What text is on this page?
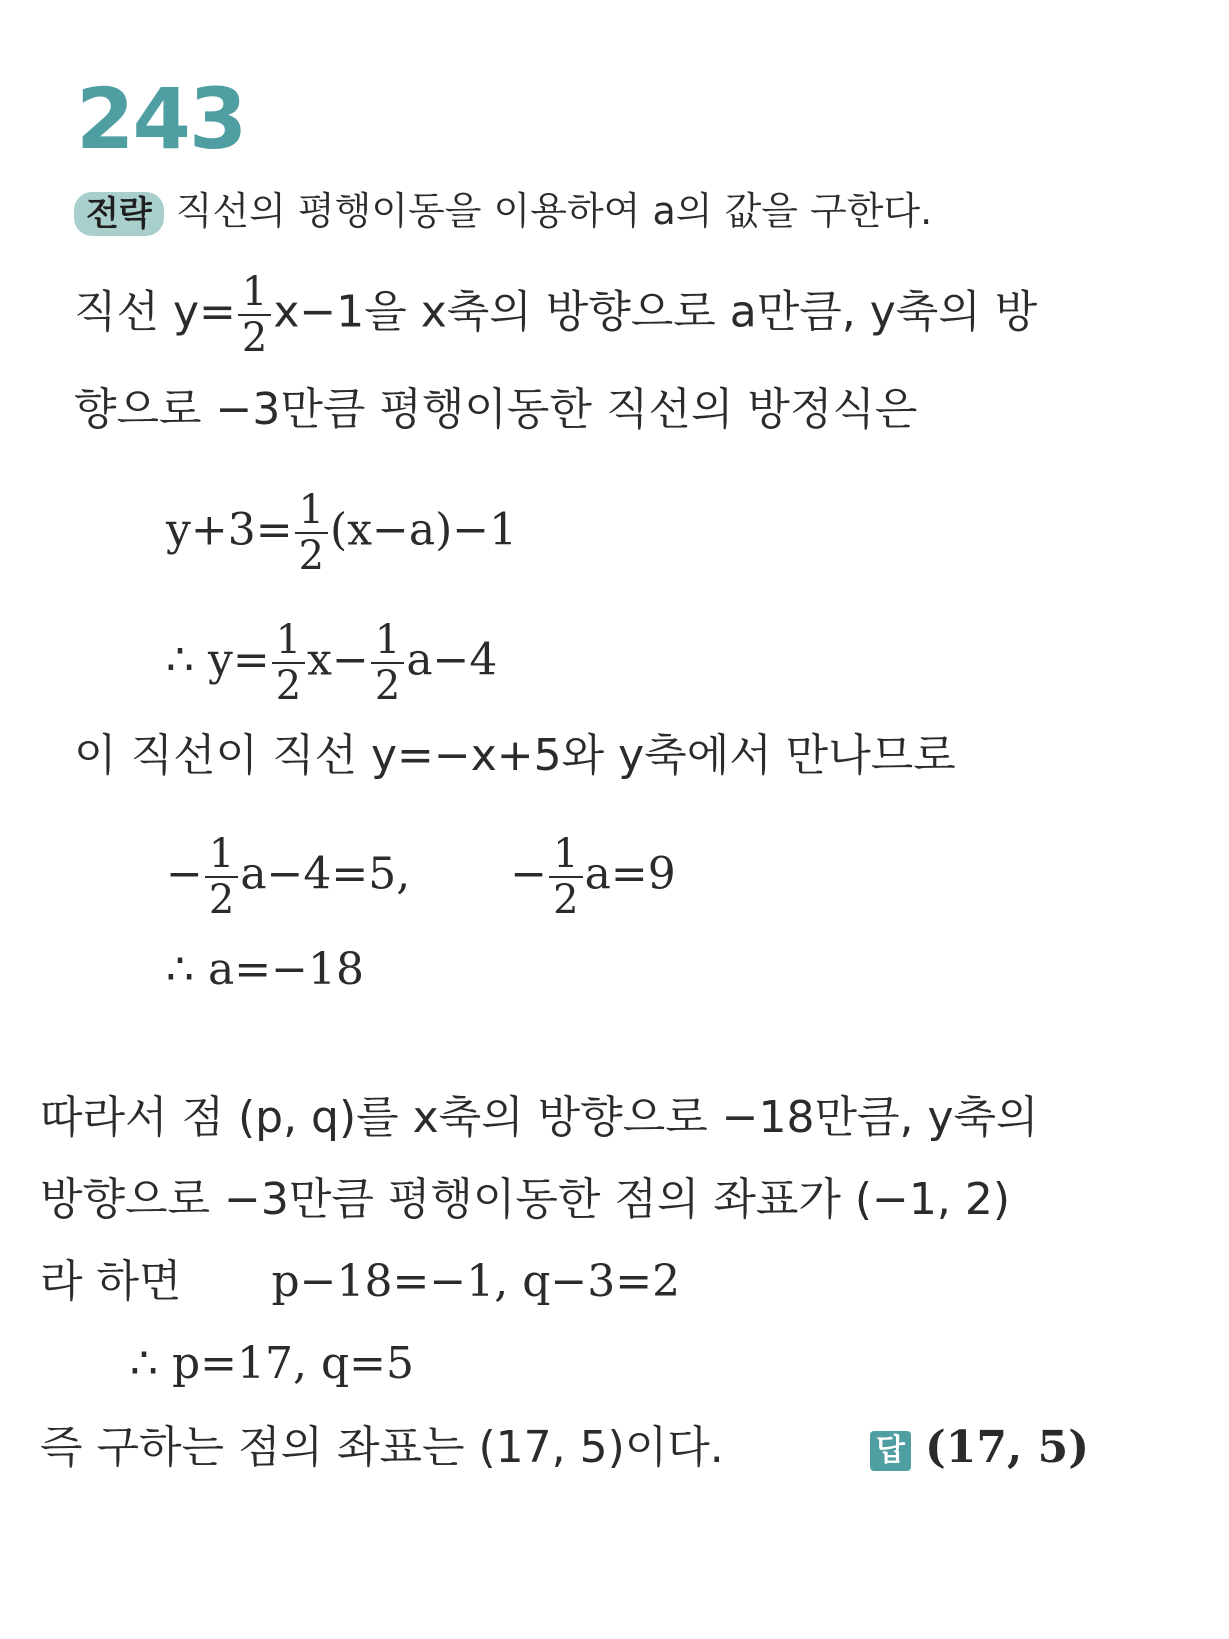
243
전략 직선의 평행이동을 이용하여 a의 값을 구한다.
직선 $y= \frac{1}{2} x-1$을 x축의 방향으로 a만큼, y축의 방
향으로 −3만큼 평행이동한 직선의 방정식은
$y+3= \frac{1}{2} (x-a)-1$
∴ $y= \frac{1}{2} x- \frac{1}{2} a-4$
이 직선이 직선 y=−x+5와 y축에서 만나므로
− $\frac{1}{2} a-4=5$, − $\frac{1}{2} a=9$
∴ a=−18
따라서 점 (p, q)를 x축의 방향으로 −18만큼, y축의
방향으로 −3만큼 평행이동한 점의 좌표가 (−1, 2)
라 하면 p−18=−1, q−3=2
∴ p=17, q=5
즉 구하는 점의 좌표는 (17, 5)이다.	답 (17, 5)
